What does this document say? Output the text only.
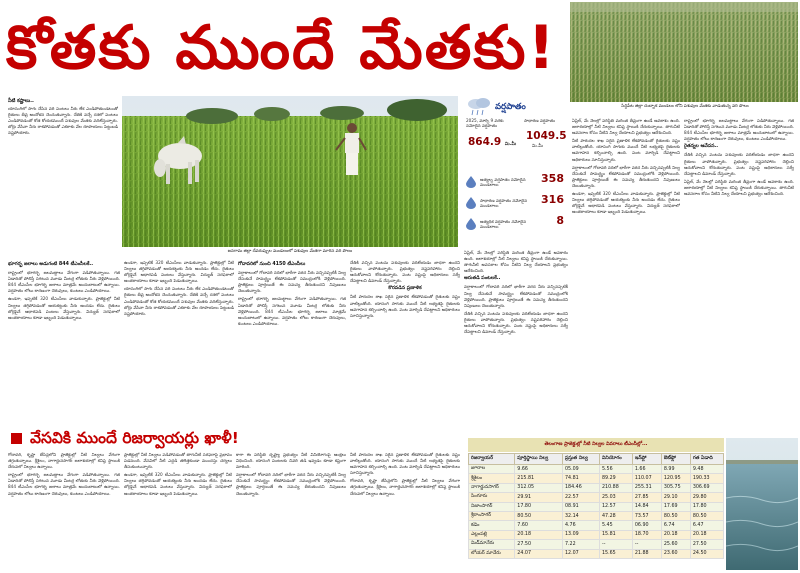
కోతకు ముందే మేతకు!
సిద్దిపేట జిల్లా దుబ్బాక మండలం లోని పశువుల మేతకు వాడుతున్న వరి పొలం

నీటి కష్టాలు..

యాసంగిలో సాగు చేసిన వరి పంటలు నీరు లేక ఎండిపోతుండటంతో రైతులు తీవ్ర ఆందోళన చెందుతున్నారు. చేతికి వచ్చే దశలో పంటలు ఎండిపోవడంతో కోత కోయకముందే పశువుల మేతకు వదిలేస్తున్నారు. బోర్లు వేసినా నీరు రాకపోవడంతో ఎకరాకు వేల రూపాయలు పెట్టుబడి నష్టపోయారు.

జనగామ జిల్లా దేవరుప్పుల మండలంలో పశువుల మేతగా మారిన వరి పొలం
వర్షపాతం
2025, మార్చి 9 వరకు నమోదైన వర్షపాతం
సాధారణ వర్షపాతం
864.9 మి.మీ
1049.5
మి.మీ
అత్యల్ప వర్షపాతం నమోదైన మండలాలు	358
సాధారణ వర్షపాతం నమోదైన మండలాలు	316
అత్యధిక వర్షపాతం నమోదైన మండలాలు	8

ఏప్రిల్, మే నెలల్లో పరిస్థితి మరింత తీవ్రంగా ఉండే అవకాశం ఉంది. జలాశయాల్లో నీటి నిల్వలు కనిష్ఠ స్థాయికి చేరుకున్నాయి. తాగునీటి అవసరాల కోసం నీటిని నిల్వ చేయాలని ప్రభుత్వం ఆదేశించింది.

నీటి పారుదల శాఖ సరైన ప్రణాళిక లేకపోవడంతో రైతులకు నష్టం వాటిల్లుతోంది. యాసంగి సాగుకు ముందే నీటి లభ్యతపై రైతులకు అవగాహన కల్పించాల్సి ఉంది. పంట మార్పిడి చేపట్టాలని అధికారులు సూచిస్తున్నారు.

వర్షాకాలంలో గోదావరి నదిలో భారీగా వరద నీరు వచ్చినప్పటికీ నిల్వ చేసుకునే సామర్థ్యం లేకపోవడంతో సముద్రంలోకి వెళ్లిపోయింది. ప్రాజెక్టులు పూర్తయితే ఈ సమస్య తీరుతుందని నిపుణులు చెబుతున్నారు.

ఉండగా, ఇప్పటికే 320 టీఎంసీలు వాడుకున్నారు. ప్రాజెక్టుల్లో నీటి నిల్వలు తగ్గిపోవడంతో ఆయకట్టుకు నీరు అందడం లేదు. రైతులు బోర్లపైనే ఆధారపడి పంటలు వేస్తున్నారు. విద్యుత్ సరఫరాలో అంతరాయాలు కూడా ఇబ్బంది పెడుతున్నాయి.

రాష్ట్రంలో భూగర్భ జలమట్టాలు వేగంగా పడిపోతున్నాయి. గత ఏడాదితో పోలిస్తే సగటున మూడు మీటర్ల లోతుకు నీరు వెళ్లిపోయింది. 844 టీఎంసీల భూగర్భ జలాలు మాత్రమే అందుబాటులో ఉన్నాయి. వర్షపాతం లోటు కారణంగా చెరువులు, కుంటలు ఎండిపోయాయి.

రైతన్నల ఆవేదన..

చేతికి వచ్చిన పంటను పశువులకు వదిలేయడం బాధగా ఉందని రైతులు వాపోతున్నారు. ప్రభుత్వం నష్టపరిహారం చెల్లించి ఆదుకోవాలని కోరుతున్నారు. పంట నష్టంపై అధికారులు సర్వే చేపట్టాలని డిమాండ్ చేస్తున్నారు.

ఏప్రిల్, మే నెలల్లో పరిస్థితి మరింత తీవ్రంగా ఉండే అవకాశం ఉంది. జలాశయాల్లో నీటి నిల్వలు కనిష్ఠ స్థాయికి చేరుకున్నాయి. తాగునీటి అవసరాల కోసం నీటిని నిల్వ చేయాలని ప్రభుత్వం ఆదేశించింది.

భూగర్భ జలాలు అడుగంటి 844 టీఎంసీలకే..

రాష్ట్రంలో భూగర్భ జలమట్టాలు వేగంగా పడిపోతున్నాయి. గత ఏడాదితో పోలిస్తే సగటున మూడు మీటర్ల లోతుకు నీరు వెళ్లిపోయింది. 844 టీఎంసీల భూగర్భ జలాలు మాత్రమే అందుబాటులో ఉన్నాయి. వర్షపాతం లోటు కారణంగా చెరువులు, కుంటలు ఎండిపోయాయి.

ఉండగా, ఇప్పటికే 320 టీఎంసీలు వాడుకున్నారు. ప్రాజెక్టుల్లో నీటి నిల్వలు తగ్గిపోవడంతో ఆయకట్టుకు నీరు అందడం లేదు. రైతులు బోర్లపైనే ఆధారపడి పంటలు వేస్తున్నారు. విద్యుత్ సరఫరాలో అంతరాయాలు కూడా ఇబ్బంది పెడుతున్నాయి.

ఉండగా, ఇప్పటికే 320 టీఎంసీలు వాడుకున్నారు. ప్రాజెక్టుల్లో నీటి నిల్వలు తగ్గిపోవడంతో ఆయకట్టుకు నీరు అందడం లేదు. రైతులు బోర్లపైనే ఆధారపడి పంటలు వేస్తున్నారు. విద్యుత్ సరఫరాలో అంతరాయాలు కూడా ఇబ్బంది పెడుతున్నాయి.

యాసంగిలో సాగు చేసిన వరి పంటలు నీరు లేక ఎండిపోతుండటంతో రైతులు తీవ్ర ఆందోళన చెందుతున్నారు. చేతికి వచ్చే దశలో పంటలు ఎండిపోవడంతో కోత కోయకముందే పశువుల మేతకు వదిలేస్తున్నారు. బోర్లు వేసినా నీరు రాకపోవడంతో ఎకరాకు వేల రూపాయలు పెట్టుబడి నష్టపోయారు.

గోదావరిలో నుంచి 4150 టీఎంసీలు

వర్షాకాలంలో గోదావరి నదిలో భారీగా వరద నీరు వచ్చినప్పటికీ నిల్వ చేసుకునే సామర్థ్యం లేకపోవడంతో సముద్రంలోకి వెళ్లిపోయింది. ప్రాజెక్టులు పూర్తయితే ఈ సమస్య తీరుతుందని నిపుణులు చెబుతున్నారు.

రాష్ట్రంలో భూగర్భ జలమట్టాలు వేగంగా పడిపోతున్నాయి. గత ఏడాదితో పోలిస్తే సగటున మూడు మీటర్ల లోతుకు నీరు వెళ్లిపోయింది. 844 టీఎంసీల భూగర్భ జలాలు మాత్రమే అందుబాటులో ఉన్నాయి. వర్షపాతం లోటు కారణంగా చెరువులు, కుంటలు ఎండిపోయాయి.

చేతికి వచ్చిన పంటను పశువులకు వదిలేయడం బాధగా ఉందని రైతులు వాపోతున్నారు. ప్రభుత్వం నష్టపరిహారం చెల్లించి ఆదుకోవాలని కోరుతున్నారు. పంట నష్టంపై అధికారులు సర్వే చేపట్టాలని డిమాండ్ చేస్తున్నారు.

కొరవడిన ప్రణాళిక

నీటి పారుదల శాఖ సరైన ప్రణాళిక లేకపోవడంతో రైతులకు నష్టం వాటిల్లుతోంది. యాసంగి సాగుకు ముందే నీటి లభ్యతపై రైతులకు అవగాహన కల్పించాల్సి ఉంది. పంట మార్పిడి చేపట్టాలని అధికారులు సూచిస్తున్నారు.

ఏప్రిల్, మే నెలల్లో పరిస్థితి మరింత తీవ్రంగా ఉండే అవకాశం ఉంది. జలాశయాల్లో నీటి నిల్వలు కనిష్ఠ స్థాయికి చేరుకున్నాయి. తాగునీటి అవసరాల కోసం నీటిని నిల్వ చేయాలని ప్రభుత్వం ఆదేశించింది.

ఆరుతడి పంటలకే..

వర్షాకాలంలో గోదావరి నదిలో భారీగా వరద నీరు వచ్చినప్పటికీ నిల్వ చేసుకునే సామర్థ్యం లేకపోవడంతో సముద్రంలోకి వెళ్లిపోయింది. ప్రాజెక్టులు పూర్తయితే ఈ సమస్య తీరుతుందని నిపుణులు చెబుతున్నారు.

చేతికి వచ్చిన పంటను పశువులకు వదిలేయడం బాధగా ఉందని రైతులు వాపోతున్నారు. ప్రభుత్వం నష్టపరిహారం చెల్లించి ఆదుకోవాలని కోరుతున్నారు. పంట నష్టంపై అధికారులు సర్వే చేపట్టాలని డిమాండ్ చేస్తున్నారు.

వేసవికి ముందే రిజర్వాయర్లు ఖాళీ!

గోదావరి, కృష్ణా బేసిన్లలోని ప్రాజెక్టుల్లో నీటి నిల్వలు వేగంగా తగ్గుతున్నాయి. శ్రీశైలం, నాగార్జునసాగర్ జలాశయాల్లో కనిష్ఠ స్థాయికి చేరువలో నిల్వలు ఉన్నాయి.

రాష్ట్రంలో భూగర్భ జలమట్టాలు వేగంగా పడిపోతున్నాయి. గత ఏడాదితో పోలిస్తే సగటున మూడు మీటర్ల లోతుకు నీరు వెళ్లిపోయింది. 844 టీఎంసీల భూగర్భ జలాలు మాత్రమే అందుబాటులో ఉన్నాయి. వర్షపాతం లోటు కారణంగా చెరువులు, కుంటలు ఎండిపోయాయి.

ప్రాజెక్టుల్లో నీటి నిల్వలు పడిపోవడంతో తాగునీటి సరఫరాపై ప్రభావం పడనుంది. వేసవిలో నీటి ఎద్దడి తలెత్తకుండా ముందస్తు చర్యలు తీసుకుంటున్నారు.

ఉండగా, ఇప్పటికే 320 టీఎంసీలు వాడుకున్నారు. ప్రాజెక్టుల్లో నీటి నిల్వలు తగ్గిపోవడంతో ఆయకట్టుకు నీరు అందడం లేదు. రైతులు బోర్లపైనే ఆధారపడి పంటలు వేస్తున్నారు. విద్యుత్ సరఫరాలో అంతరాయాలు కూడా ఇబ్బంది పెడుతున్నాయి.

కాగా ఈ పరిస్థితి దృష్ట్యా ప్రభుత్వం నీటి వినియోగంపై ఆంక్షలు విధించింది. యాసంగి పంటలకు చివరి తడి ఇవ్వడం కూడా కష్టంగా మారింది.

వర్షాకాలంలో గోదావరి నదిలో భారీగా వరద నీరు వచ్చినప్పటికీ నిల్వ చేసుకునే సామర్థ్యం లేకపోవడంతో సముద్రంలోకి వెళ్లిపోయింది. ప్రాజెక్టులు పూర్తయితే ఈ సమస్య తీరుతుందని నిపుణులు చెబుతున్నారు.

నీటి పారుదల శాఖ సరైన ప్రణాళిక లేకపోవడంతో రైతులకు నష్టం వాటిల్లుతోంది. యాసంగి సాగుకు ముందే నీటి లభ్యతపై రైతులకు అవగాహన కల్పించాల్సి ఉంది. పంట మార్పిడి చేపట్టాలని అధికారులు సూచిస్తున్నారు.

గోదావరి, కృష్ణా బేసిన్లలోని ప్రాజెక్టుల్లో నీటి నిల్వలు వేగంగా తగ్గుతున్నాయి. శ్రీశైలం, నాగార్జునసాగర్ జలాశయాల్లో కనిష్ఠ స్థాయికి చేరువలో నిల్వలు ఉన్నాయి.

తెలంగాణ ప్రాజెక్టుల్లో నీటి నిల్వల వివరాలు టీఎంసీల్లో...
రిజర్వాయర్	పూర్తిస్థాయి నిల్వ	ప్రస్తుత నిల్వ	వినియోగం	ఇన్‌ఫ్లో	ఔట్‌ఫ్లో	గత ఏడాది
జూరాల	9.66	05.09	5.56	1.66	8.99	9.48
శ్రీశైలం	215.81	74.81	89.29	110.07	120.95	190.33
నాగార్జునసాగర్	312.05	184.46	210.88	255.31	305.75	306.69
సింగూరు	29.91	22.57	25.03	27.85	29.10	29.80
నిజాంసాగర్	17.80	08.91	12.57	14.84	17.69	17.80
శ్రీరాంసాగర్	80.50	32.14	47.28	73.57	80.50	80.50
కడెం	7.60	4.76	5.45	06.90	6.74	6.47
ఎల్లంపల్లి	20.18	13.09	15.81	18.70	20.18	20.18
మిడ్‌మానేరు	27.50	7.22	--	--	25.60	27.50
లోయర్ మానేరు	24.07	12.07	15.65	21.88	23.60	24.50
